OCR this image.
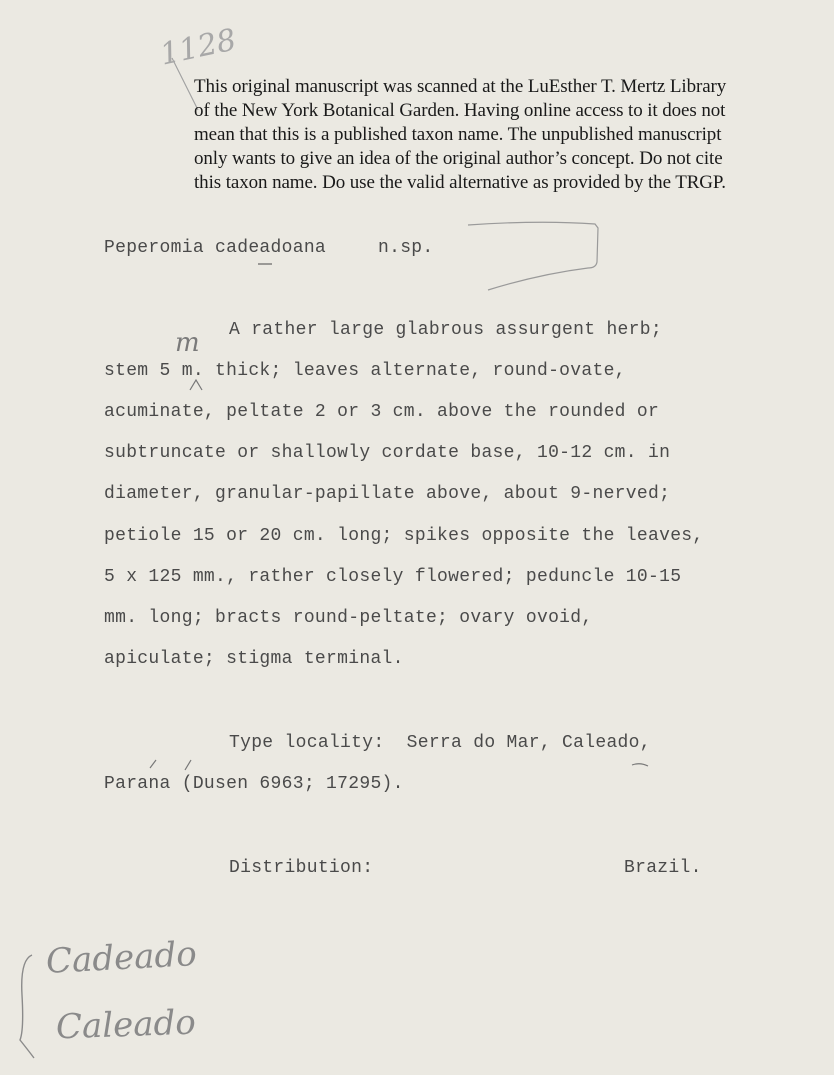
1128
This original manuscript was scanned at the LuEsther T. Mertz Library
of the New York Botanical Garden. Having online access to it does not
mean that this is a published taxon name. The unpublished manuscript
only wants to give an idea of the original author’s concept. Do not cite
this taxon name. Do use the valid alternative as provided by the TRGP.
Peperomia cadeadoana	n.sp.
m A rather large glabrous assurgent herb;
stem 5 m. thick; leaves alternate, round-ovate,
acuminate, peltate 2 or 3 cm. above the rounded or
subtruncate or shallowly cordate base, 10-12 cm. in
diameter, granular-papillate above, about 9-nerved;
petiole 15 or 20 cm. long; spikes opposite the leaves,
5 x 125 mm., rather closely flowered; peduncle 10-15
mm. long; bracts round-peltate; ovary ovoid,
apiculate; stigma terminal.
Type locality:  Serra do Mar, Caleado,
Parana (Dusen 6963; 17295).
Distribution:	Brazil.
Cadeado
Caleado
